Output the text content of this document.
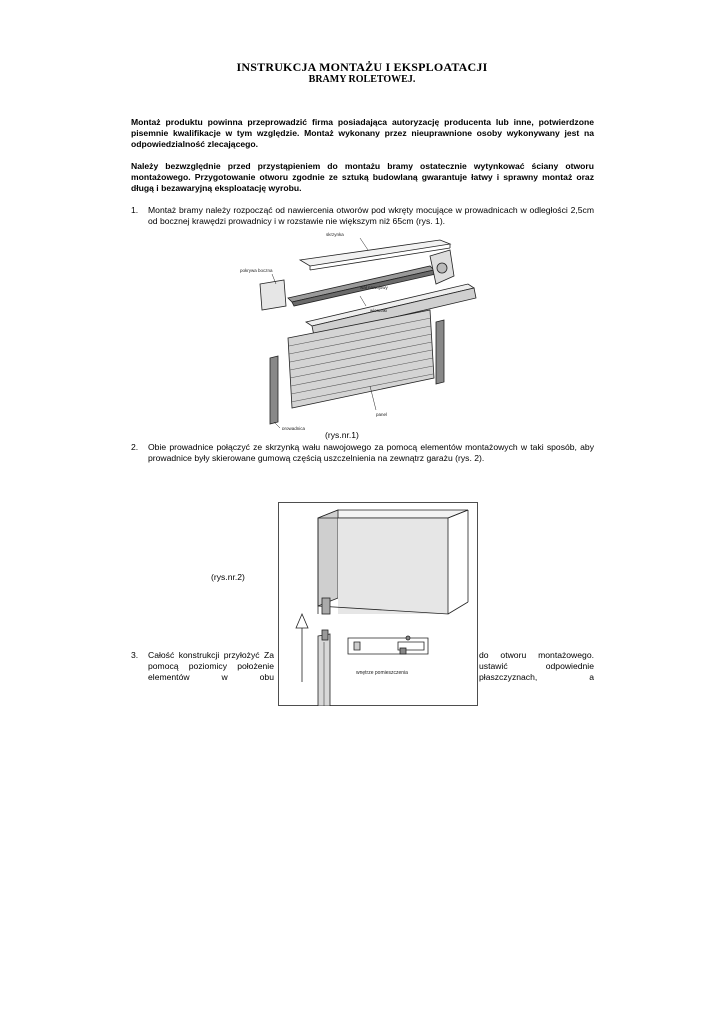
INSTRUKCJA MONTAŻU I EKSPLOATACJI
BRAMY ROLETOWEJ.
Montaż produktu powinna przeprowadzić firma posiadająca autoryzację producenta lub inne, potwierdzone pisemnie kwalifikacje w tym względzie. Montaż wykonany przez nieuprawnione osoby wykonywany jest na odpowiedzialność zlecającego.
Należy bezwzględnie przed przystąpieniem do montażu bramy ostatecznie wytynkować ściany otworu montażowego. Przygotowanie otworu zgodnie ze sztuką budowlaną gwarantuje łatwy i sprawny montaż oraz długą i bezawaryjną eksploatację wyrobu.
1. Montaż bramy należy rozpocząć od nawiercenia otworów pod wkręty mocujące w prowadnicach w odległości 2,5cm od bocznej krawędzi prowadnicy i w rozstawie nie większym niż 65cm (rys. 1).
skrzynka
pokrywa boczna
wał nawojowy
wieszaki
panel
prowadnica
(rys.nr.1)
2. Obie prowadnice połączyć ze skrzynką wału nawojowego za pomocą elementów montażowych w taki sposób, aby prowadnice były skierowane gumową częścią uszczelnienia na zewnątrz garażu (rys. 2).
wnętrze pomieszczenia
(rys.nr.2)
3. Całość konstrukcji przyłożyć Za pomocą poziomicy położenie elementów w obu
do otworu montażowego. ustawić odpowiednie płaszczyznach, a
